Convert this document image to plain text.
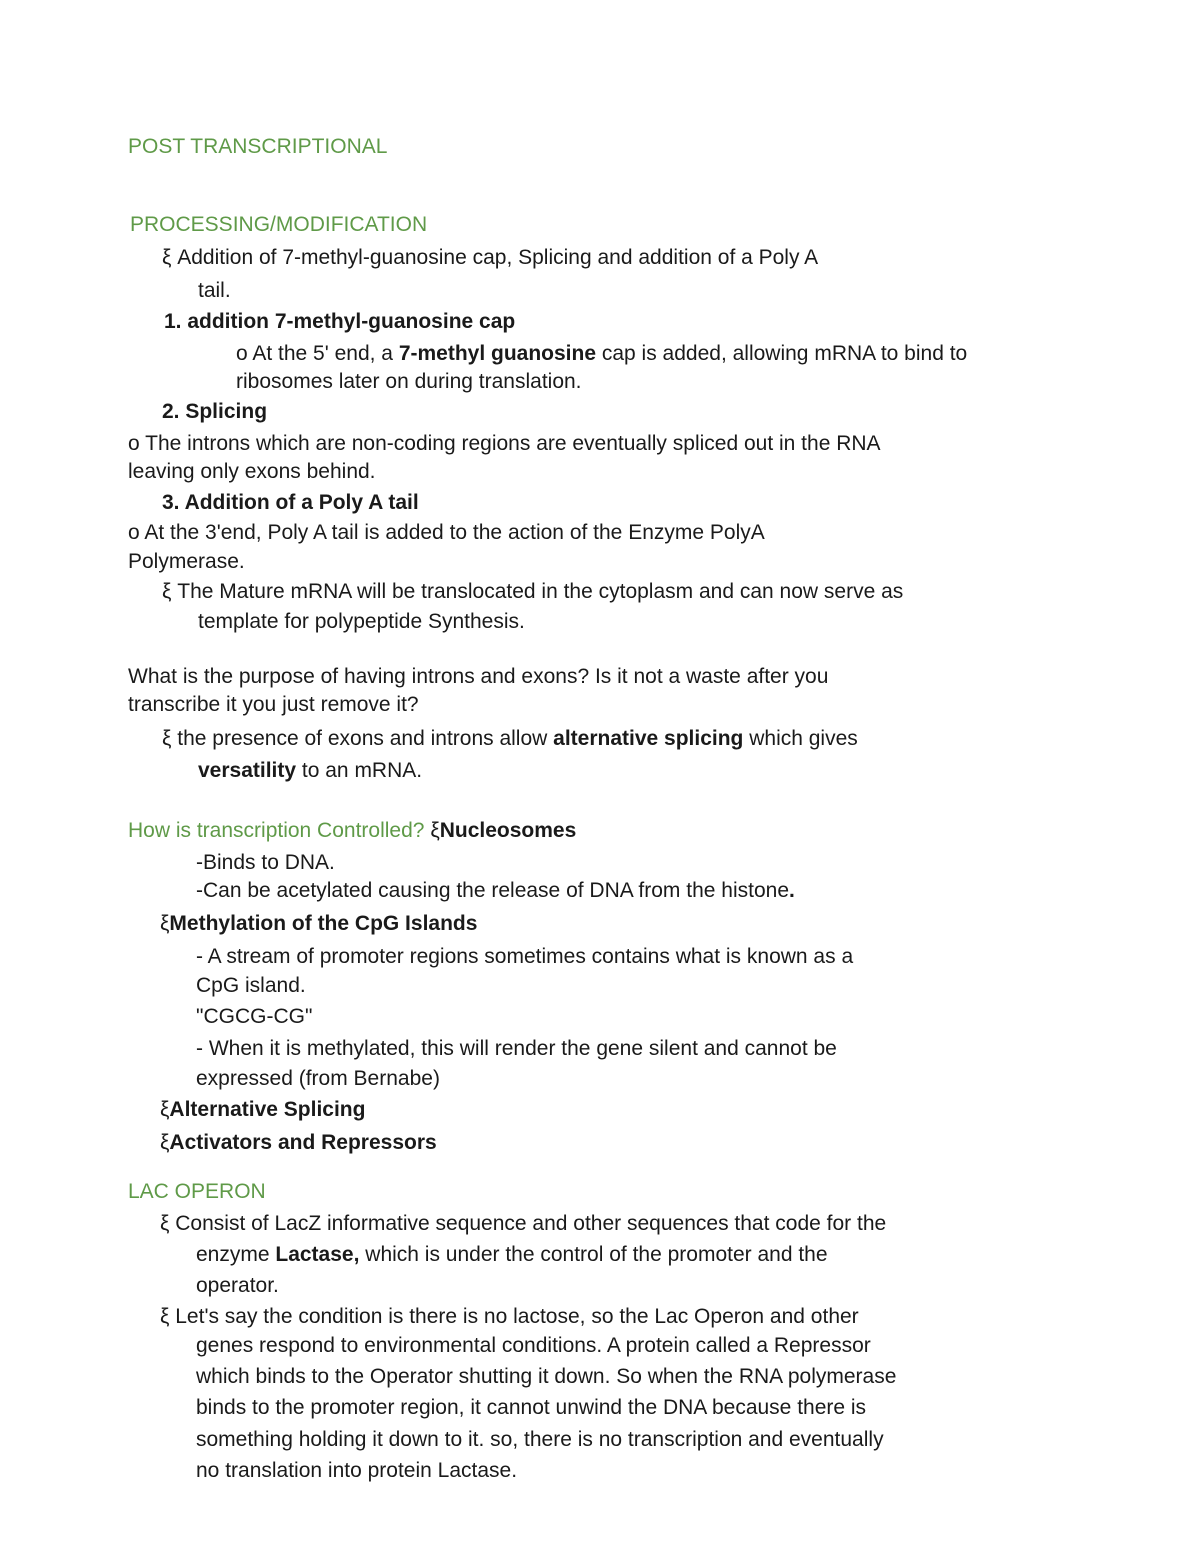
POST TRANSCRIPTIONAL
PROCESSING/MODIFICATION
ξ Addition of 7-methyl-guanosine cap, Splicing and addition of a Poly A
tail.
1. addition 7-methyl-guanosine cap
o At the 5' end, a 7-methyl guanosine cap is added, allowing mRNA to bind to
ribosomes later on during translation.
2. Splicing
o The introns which are non-coding regions are eventually spliced out in the RNA
leaving only exons behind.
3. Addition of a Poly A tail
o At the 3'end, Poly A tail is added to the action of the Enzyme PolyA
Polymerase.
ξ The Mature mRNA will be translocated in the cytoplasm and can now serve as
template for polypeptide Synthesis.
What is the purpose of having introns and exons? Is it not a waste after you
transcribe it you just remove it?
ξ the presence of exons and introns allow alternative splicing which gives
versatility to an mRNA.
How is transcription Controlled? ξNucleosomes
-Binds to DNA.
-Can be acetylated causing the release of DNA from the histone.
ξMethylation of the CpG Islands
- A stream of promoter regions sometimes contains what is known as a
CpG island.
"CGCG-CG"
- When it is methylated, this will render the gene silent and cannot be
expressed (from Bernabe)
ξAlternative Splicing
ξActivators and Repressors
LAC OPERON
ξ Consist of LacZ informative sequence and other sequences that code for the
enzyme Lactase, which is under the control of the promoter and the
operator.
ξ Let's say the condition is there is no lactose, so the Lac Operon and other
genes respond to environmental conditions. A protein called a Repressor
which binds to the Operator shutting it down. So when the RNA polymerase
binds to the promoter region, it cannot unwind the DNA because there is
something holding it down to it. so, there is no transcription and eventually
no translation into protein Lactase.
